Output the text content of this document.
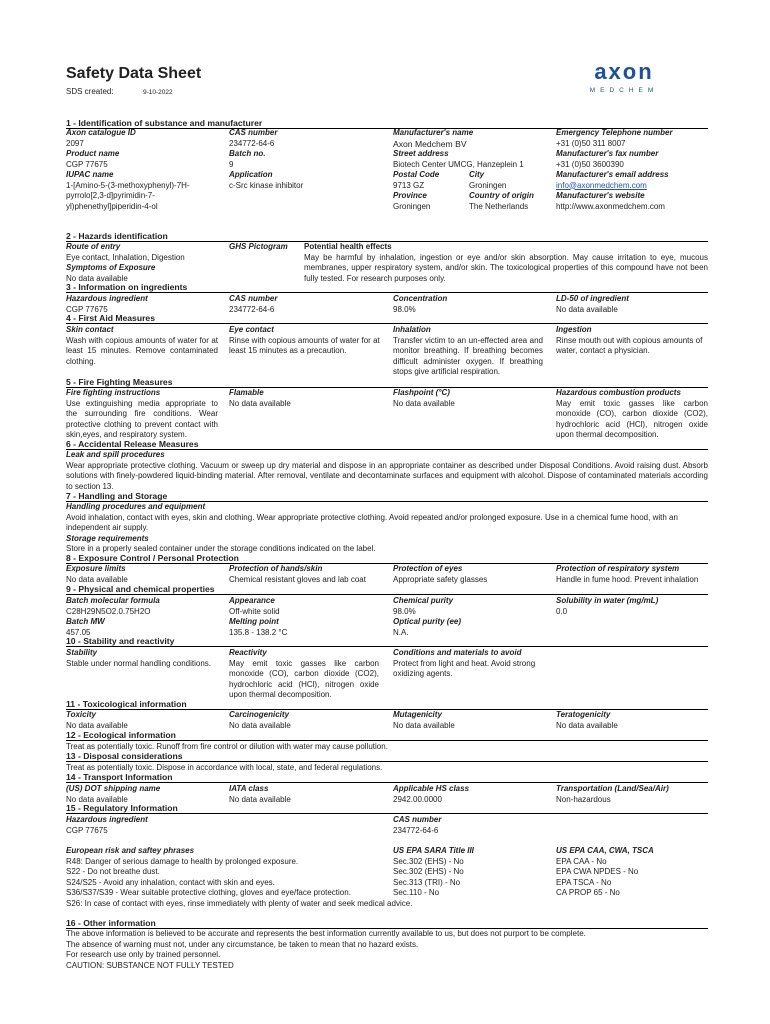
Safety Data Sheet
SDS created:	9-10-2022
axon
MEDCHEM
1 - Identification of substance and manufacturer

Axon catalogue ID

2097

Product name

CGP 77675

IUPAC name

1-[Amino-5-(3-methoxyphenyl)-7H-pyrrolo[2,3-d]pyrimidin-7-yl)phenethyl]piperidin-4-ol

CAS number

234772-64-6

Batch no.

9

Application

c-Src kinase inhibitor

Manufacturer's name

Axon Medchem BV

Street address

Biotech Center UMCG, Hanzeplein 1

Postal Code	City

9713 GZ	Groningen

Province	Country of origin

Groningen	The Netherlands

Emergency Telephone number

+31 (0)50 311 8007

Manufacturer's fax number

+31 (0)50 3600390

Manufacturer's email address

info@axonmedchem.com

Manufacturer's website

http://www.axonmedchem.com

2 - Hazards identification

Route of entry

Eye contact, Inhalation, Digestion

Symptoms of Exposure

No data available

GHS Pictogram Potential health effects

May be harmful by inhalation, ingestion or eye and/or skin absorption. May cause irritation to eye, mucous membranes, upper respiratory system, and/or skin. The toxicological properties of this compound have not been fully tested. For research purposes only.

3 - Information on ingredients

Hazardous ingredient

CGP 77675

CAS number

234772-64-6

Concentration

98.0%

LD-50 of ingredient

No data available

4 - First Aid Measures

Skin contact

Wash with copious amounts of water for at least 15 minutes. Remove contaminated clothing.

Eye contact

Rinse with copious amounts of water for at least 15 minutes as a precaution.

Inhalation

Transfer victim to an un-effected area and monitor breathing. If breathing becomes difficult administer oxygen. If breathing stops give artificial respiration.

Ingestion

Rinse mouth out with copious amounts of water, contact a physician.

5 - Fire Fighting Measures

Fire fighting instructions

Use extinguishing media appropriate to the surrounding fire conditions. Wear protective clothing to prevent contact with skin,eyes, and respiratory system.

Flamable

No data available

Flashpoint (°C)

No data available

Hazardous combustion products

May emit toxic gasses like carbon monoxide (CO), carbon dioxide (CO2), hydrochloric acid (HCl), nitrogen oxide upon thermal decomposition.

6 - Accidental Release Measures

Leak and spill procedures

Wear appropriate protective clothing. Vacuum or sweep up dry material and dispose in an appropriate container as described under Disposal Conditions. Avoid raising dust. Absorb solutions with finely-powdered liquid-binding material. After removal, ventilate and decontaminate surfaces and equipment with alcohol. Dispose of contaminated materials according to section 13.

7 - Handling and Storage

Handling procedures and equipment

Avoid inhalation, contact with eyes, skin and clothing. Wear appropriate protective clothing. Avoid repeated and/or prolonged exposure. Use in a chemical fume hood, with an independent air supply.

Storage requirements

Store in a properly sealed container under the storage conditions indicated on the label.

8 - Exposure Control / Personal Protection

Exposure limits

No data available

Protection of hands/skin

Chemical resistant gloves and lab coat

Protection of eyes

Appropriate safety glasses

Protection of respiratory system

Handle in fume hood. Prevent inhalation

9 - Physical and chemical properties

Batch molecular formula

C28H29N5O2.0.75H2O

Batch MW

457.05

Appearance

Off-white solid

Melting point

135.8 - 138.2 °C

Chemical purity

98.0%

Optical purity (ee)

N.A.

Solubility in water (mg/mL)

0.0

10 - Stability and reactivity

Stability

Stable under normal handling conditions.

Reactivity

May emit toxic gasses like carbon monoxide (CO), carbon dioxide (CO2), hydrochloric acid (HCl), nitrogen oxide upon thermal decomposition.

Conditions and materials to avoid

Protect from light and heat. Avoid strong oxidizing agents.

11 - Toxicological information

Toxicity

No data available

Carcinogenicity

No data available

Mutagenicity

No data available

Teratogenicity

No data available

12 - Ecological information
Treat as potentially toxic. Runoff from fire control or dilution with water may cause pollution.
13 - Disposal considerations
Treat as potentially toxic. Dispose in accordance with local, state, and federal regulations.
14 - Transport Information

(US) DOT shipping name

No data available

IATA class

No data available

Applicable HS class

2942.00.0000

Transportation (Land/Sea/Air)

Non-hazardous

15 - Regulatory Information

Hazardous ingredient

CGP 77675

CAS number

234772-64-6

European risk and saftey phrases

R48: Danger of serious damage to health by prolonged exposure.

S22 - Do not breathe dust.

S24/S25 - Avoid any inhalation, contact with skin and eyes.

S36/S37/S39 - Wear suitable protective clothing, gloves and eye/face protection.

S26: In case of contact with eyes, rinse immediately with plenty of water and seek medical advice.

US EPA SARA Title III

Sec.302 (EHS) - No

Sec.302 (EHS) - No

Sec.313 (TRI) - No

Sec.110 - No

US EPA CAA, CWA, TSCA

EPA CAA - No

EPA CWA NPDES - No

EPA TSCA - No

CA PROP 65 - No

16 - Other information

The above information is believed to be accurate and represents the best information currently available to us, but does not purport to be complete.

The absence of warning must not, under any circumstance, be taken to mean that no hazard exists.

For research use only by trained personnel.

CAUTION: SUBSTANCE NOT FULLY TESTED
